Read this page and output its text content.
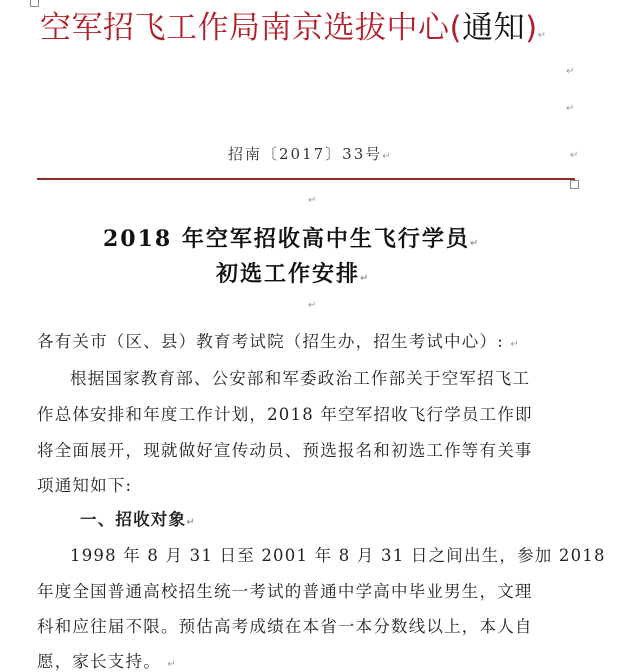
空军招飞工作局南京选拔中心(通知)↵
↵
↵
招南〔2017〕33号↵	↵
↵
2018 年空军招收高中生飞行学员↵
初选工作安排↵
↵
各有关市（区、县）教育考试院（招生办，招生考试中心）: ↵
根据国家教育部、公安部和军委政治工作部关于空军招飞工
作总体安排和年度工作计划，2018 年空军招收飞行学员工作即
将全面展开，现就做好宣传动员、预选报名和初选工作等有关事
项通知如下:
一、招收对象↵
1998 年 8 月 31 日至 2001 年 8 月 31 日之间出生，参加 2018
年度全国普通高校招生统一考试的普通中学高中毕业男生，文理
科和应往届不限。预估高考成绩在本省一本分数线以上，本人自
愿，家长支持。 ↵
